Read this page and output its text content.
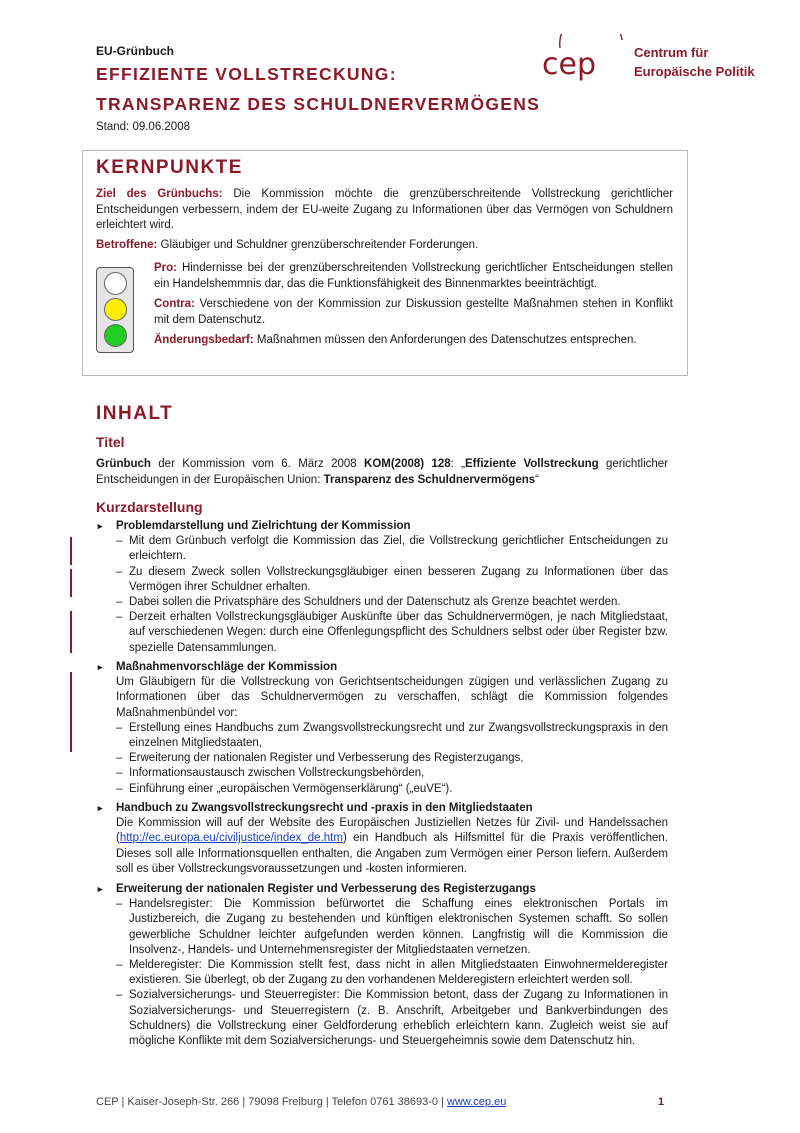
EU-Grünbuch
EFFIZIENTE VOLLSTRECKUNG:
TRANSPARENZ DES SCHULDNERVERMÖGENS
Stand: 09.06.2008
cep	Centrum für
Europäische Politik
KERNPUNKTE
Ziel des Grünbuchs: Die Kommission möchte die grenzüberschreitende Vollstreckung gerichtlicher Entscheidungen verbessern, indem der EU-weite Zugang zu Informationen über das Vermögen von Schuldnern erleichtert wird.
Betroffene: Gläubiger und Schuldner grenzüberschreitender Forderungen.
Pro: Hindernisse bei der grenzüberschreitenden Vollstreckung gerichtlicher Entscheidungen stellen ein Handelshemmnis dar, das die Funktionsfähigkeit des Binnenmarktes beeinträchtigt.
Contra: Verschiedene von der Kommission zur Diskussion gestellte Maßnahmen stehen in Konflikt mit dem Datenschutz.
Änderungsbedarf: Maßnahmen müssen den Anforderungen des Datenschutzes entsprechen.
INHALT
Titel
Grünbuch der Kommission vom 6. März 2008 KOM(2008) 128: „Effiziente Vollstreckung gerichtlicher Entscheidungen in der Europäischen Union: Transparenz des Schuldnervermögens“
Kurzdarstellung
► Problemdarstellung und Zielrichtung der Kommission
– Mit dem Grünbuch verfolgt die Kommission das Ziel, die Vollstreckung gerichtlicher Entscheidungen zu erleichtern.
– Zu diesem Zweck sollen Vollstreckungsgläubiger einen besseren Zugang zu Informationen über das Vermögen ihrer Schuldner erhalten.
– Dabei sollen die Privatsphäre des Schuldners und der Datenschutz als Grenze beachtet werden.
– Derzeit erhalten Vollstreckungsgläubiger Auskünfte über das Schuldnervermögen, je nach Mitgliedstaat, auf verschiedenen Wegen: durch eine Offenlegungspflicht des Schuldners selbst oder über Register bzw. spezielle Datensammlungen.
► Maßnahmenvorschläge der Kommission
Um Gläubigern für die Vollstreckung von Gerichtsentscheidungen zügigen und verlässlichen Zugang zu Informationen über das Schuldnervermögen zu verschaffen, schlägt die Kommission folgendes Maßnahmenbündel vor:
– Erstellung eines Handbuchs zum Zwangsvollstreckungsrecht und zur Zwangsvollstreckungspraxis in den einzelnen Mitgliedstaaten,
– Erweiterung der nationalen Register und Verbesserung des Registerzugangs,
– Informationsaustausch zwischen Vollstreckungsbehörden,
– Einführung einer „europäischen Vermögenserklärung“ („euVE“).
► Handbuch zu Zwangsvollstreckungsrecht und -praxis in den Mitgliedstaaten
Die Kommission will auf der Website des Europäischen Justiziellen Netzes für Zivil- und Handelssachen (http://ec.europa.eu/civiljustice/index_de.htm) ein Handbuch als Hilfsmittel für die Praxis veröffentlichen. Dieses soll alle Informationsquellen enthalten, die Angaben zum Vermögen einer Person liefern. Außerdem soll es über Vollstreckungsvoraussetzungen und -kosten informieren.
► Erweiterung der nationalen Register und Verbesserung des Registerzugangs
– Handelsregister: Die Kommission befürwortet die Schaffung eines elektronischen Portals im Justizbereich, die Zugang zu bestehenden und künftigen elektronischen Systemen schafft. So sollen gewerbliche Schuldner leichter aufgefunden werden können. Langfristig will die Kommission die Insolvenz-, Handels- und Unternehmensregister der Mitgliedstaaten vernetzen.
– Melderegister: Die Kommission stellt fest, dass nicht in allen Mitgliedstaaten Einwohnermelderegister existieren. Sie überlegt, ob der Zugang zu den vorhandenen Melderegistern erleichtert werden soll.
– Sozialversicherungs- und Steuerregister: Die Kommission betont, dass der Zugang zu Informationen in Sozialversicherungs- und Steuerregistern (z. B. Anschrift, Arbeitgeber und Bankverbindungen des Schuldners) die Vollstreckung einer Geldforderung erheblich erleichtern kann. Zugleich weist sie auf mögliche Konflikte mit dem Sozialversicherungs- und Steuergeheimnis sowie dem Datenschutz hin.
CEP | Kaiser-Joseph-Str. 266 | 79098 Freiburg | Telefon 0761 38693-0 | www.cep.eu	1
